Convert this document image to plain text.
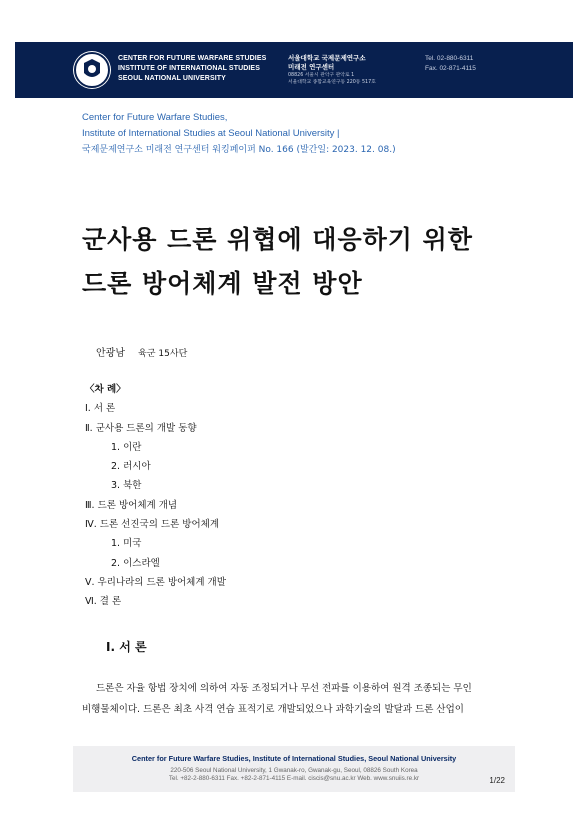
CENTER FOR FUTURE WARFARE STUDIES
INSTITUTE OF INTERNATIONAL STUDIES
SEOUL NATIONAL UNIVERSITY
서울대학교 국제문제연구소
미래전 연구센터
08826 서울시 관악구 관악로 1
서울대학교 종합교육연구동 220동 517호
Tel. 02-880-6311
Fax. 02-871-4115
Center for Future Warfare Studies,
Institute of International Studies at Seoul National University |
국제문제연구소 미래전 연구센터 워킹페이퍼 No. 166 (발간일: 2023. 12. 08.)
군사용 드론 위협에 대응하기 위한
드론 방어체계 발전 방안
안광남 육군 15사단
〈차 례〉
Ⅰ. 서 론
Ⅱ. 군사용 드론의 개발 동향
1. 이란
2. 러시아
3. 북한
Ⅲ. 드론 방어체계 개념
Ⅳ. 드론 선진국의 드론 방어체계
1. 미국
2. 이스라엘
Ⅴ. 우리나라의 드론 방어체계 개발
Ⅵ. 결 론
Ⅰ. 서 론
드론은 자율 항법 장치에 의하여 자동 조정되거나 무선 전파를 이용하여 원격 조종되는 무인
비행물체이다. 드론은 최초 사격 연습 표적기로 개발되었으나 과학기술의 발달과 드론 산업이
Center for Future Warfare Studies, Institute of International Studies, Seoul National University
220-506 Seoul National University, 1 Gwanak-ro, Gwanak-gu, Seoul, 08826 South Korea
Tel. +82-2-880-6311 Fax. +82-2-871-4115 E-mail. ciscis@snu.ac.kr Web. www.snuiis.re.kr	1/22
